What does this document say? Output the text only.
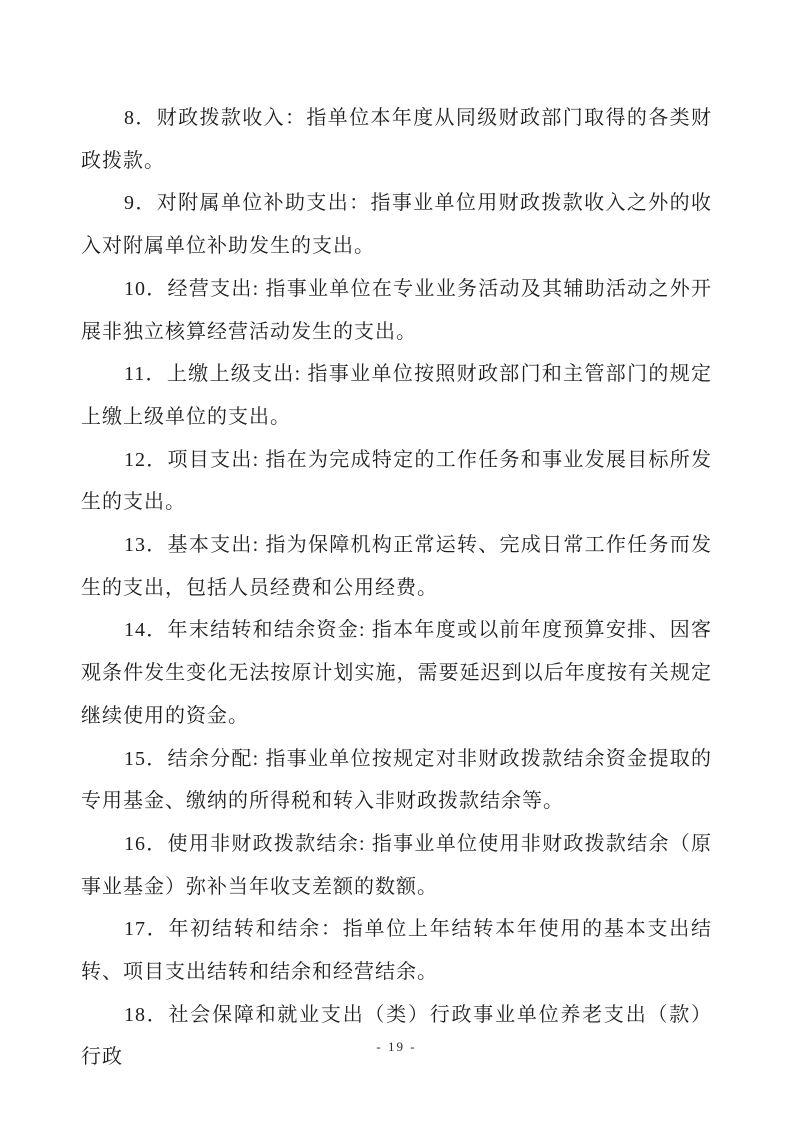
8．财政拨款收入：指单位本年度从同级财政部门取得的各类财政拨款。

9．对附属单位补助支出：指事业单位用财政拨款收入之外的收入对附属单位补助发生的支出。

10．经营支出: 指事业单位在专业业务活动及其辅助活动之外开展非独立核算经营活动发生的支出。

11．上缴上级支出: 指事业单位按照财政部门和主管部门的规定上缴上级单位的支出。

12．项目支出: 指在为完成特定的工作任务和事业发展目标所发生的支出。

13．基本支出: 指为保障机构正常运转、完成日常工作任务而发生的支出，包括人员经费和公用经费。

14．年末结转和结余资金: 指本年度或以前年度预算安排、因客观条件发生变化无法按原计划实施，需要延迟到以后年度按有关规定继续使用的资金。

15．结余分配: 指事业单位按规定对非财政拨款结余资金提取的专用基金、缴纳的所得税和转入非财政拨款结余等。

16．使用非财政拨款结余: 指事业单位使用非财政拨款结余（原事业基金）弥补当年收支差额的数额。

17．年初结转和结余：指单位上年结转本年使用的基本支出结转、项目支出结转和结余和经营结余。

18．社会保障和就业支出（类）行政事业单位养老支出（款）行政	- 19 -
